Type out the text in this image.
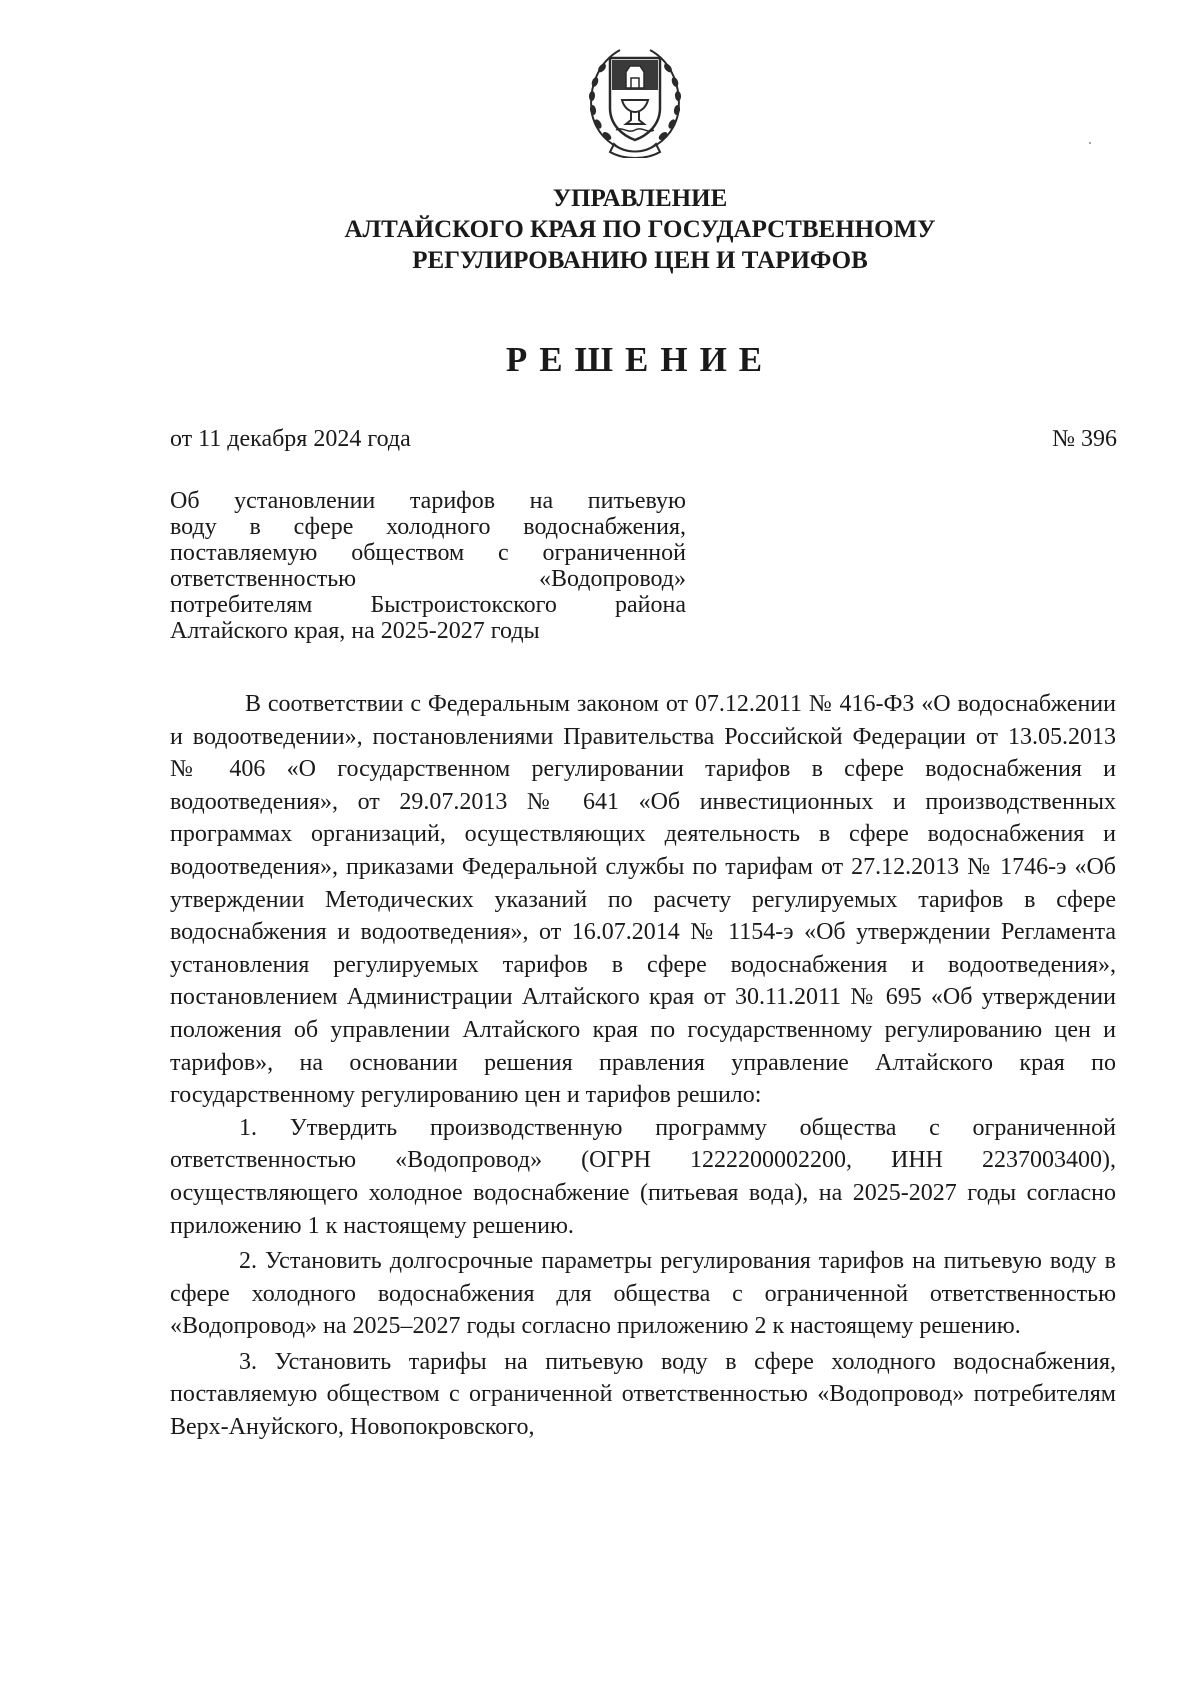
УПРАВЛЕНИЕ
АЛТАЙСКОГО КРАЯ ПО ГОСУДАРСТВЕННОМУ
РЕГУЛИРОВАНИЮ ЦЕН И ТАРИФОВ
РЕШЕНИЕ
от 11 декабря 2024 года	№ 396
Об установлении тарифов на питьевую
воду в сфере холодного водоснабжения,
поставляемую обществом с ограниченной
ответственностью «Водопровод»
потребителям Быстроистокского района
Алтайского края, на 2025-2027 годы

В соответствии с Федеральным законом от 07.12.2011 № 416-ФЗ «О водоснабжении и водоотведении», постановлениями Правительства Российской Федерации от 13.05.2013 № 406 «О государственном регулировании тарифов в сфере водоснабжения и водоотведения», от 29.07.2013 № 641 «Об инвестиционных и производственных программах организаций, осуществляющих деятельность в сфере водоснабжения и водоотведения», приказами Федеральной службы по тарифам от 27.12.2013 № 1746-э «Об утверждении Методических указаний по расчету регулируемых тарифов в сфере водоснабжения и водоотведения», от 16.07.2014 № 1154-э «Об утверждении Регламента установления регулируемых тарифов в сфере водоснабжения и водоотведения», постановлением Администрации Алтайского края от 30.11.2011 № 695 «Об утверждении положения об управлении Алтайского края по государственному регулированию цен и тарифов», на основании решения правления управление Алтайского края по государственному регулированию цен и тарифов решило:

1. Утвердить производственную программу общества с ограниченной ответственностью «Водопровод» (ОГРН 1222200002200, ИНН 2237003400), осуществляющего холодное водоснабжение (питьевая вода), на 2025-2027 годы согласно приложению 1 к настоящему решению.

2. Установить долгосрочные параметры регулирования тарифов на питьевую воду в сфере холодного водоснабжения для общества с ограниченной ответственностью «Водопровод» на 2025–2027 годы согласно приложению 2 к настоящему решению.

3. Установить тарифы на питьевую воду в сфере холодного водоснабжения, поставляемую обществом с ограниченной ответственностью «Водопровод» потребителям Верх-Ануйского, Новопокровского,
